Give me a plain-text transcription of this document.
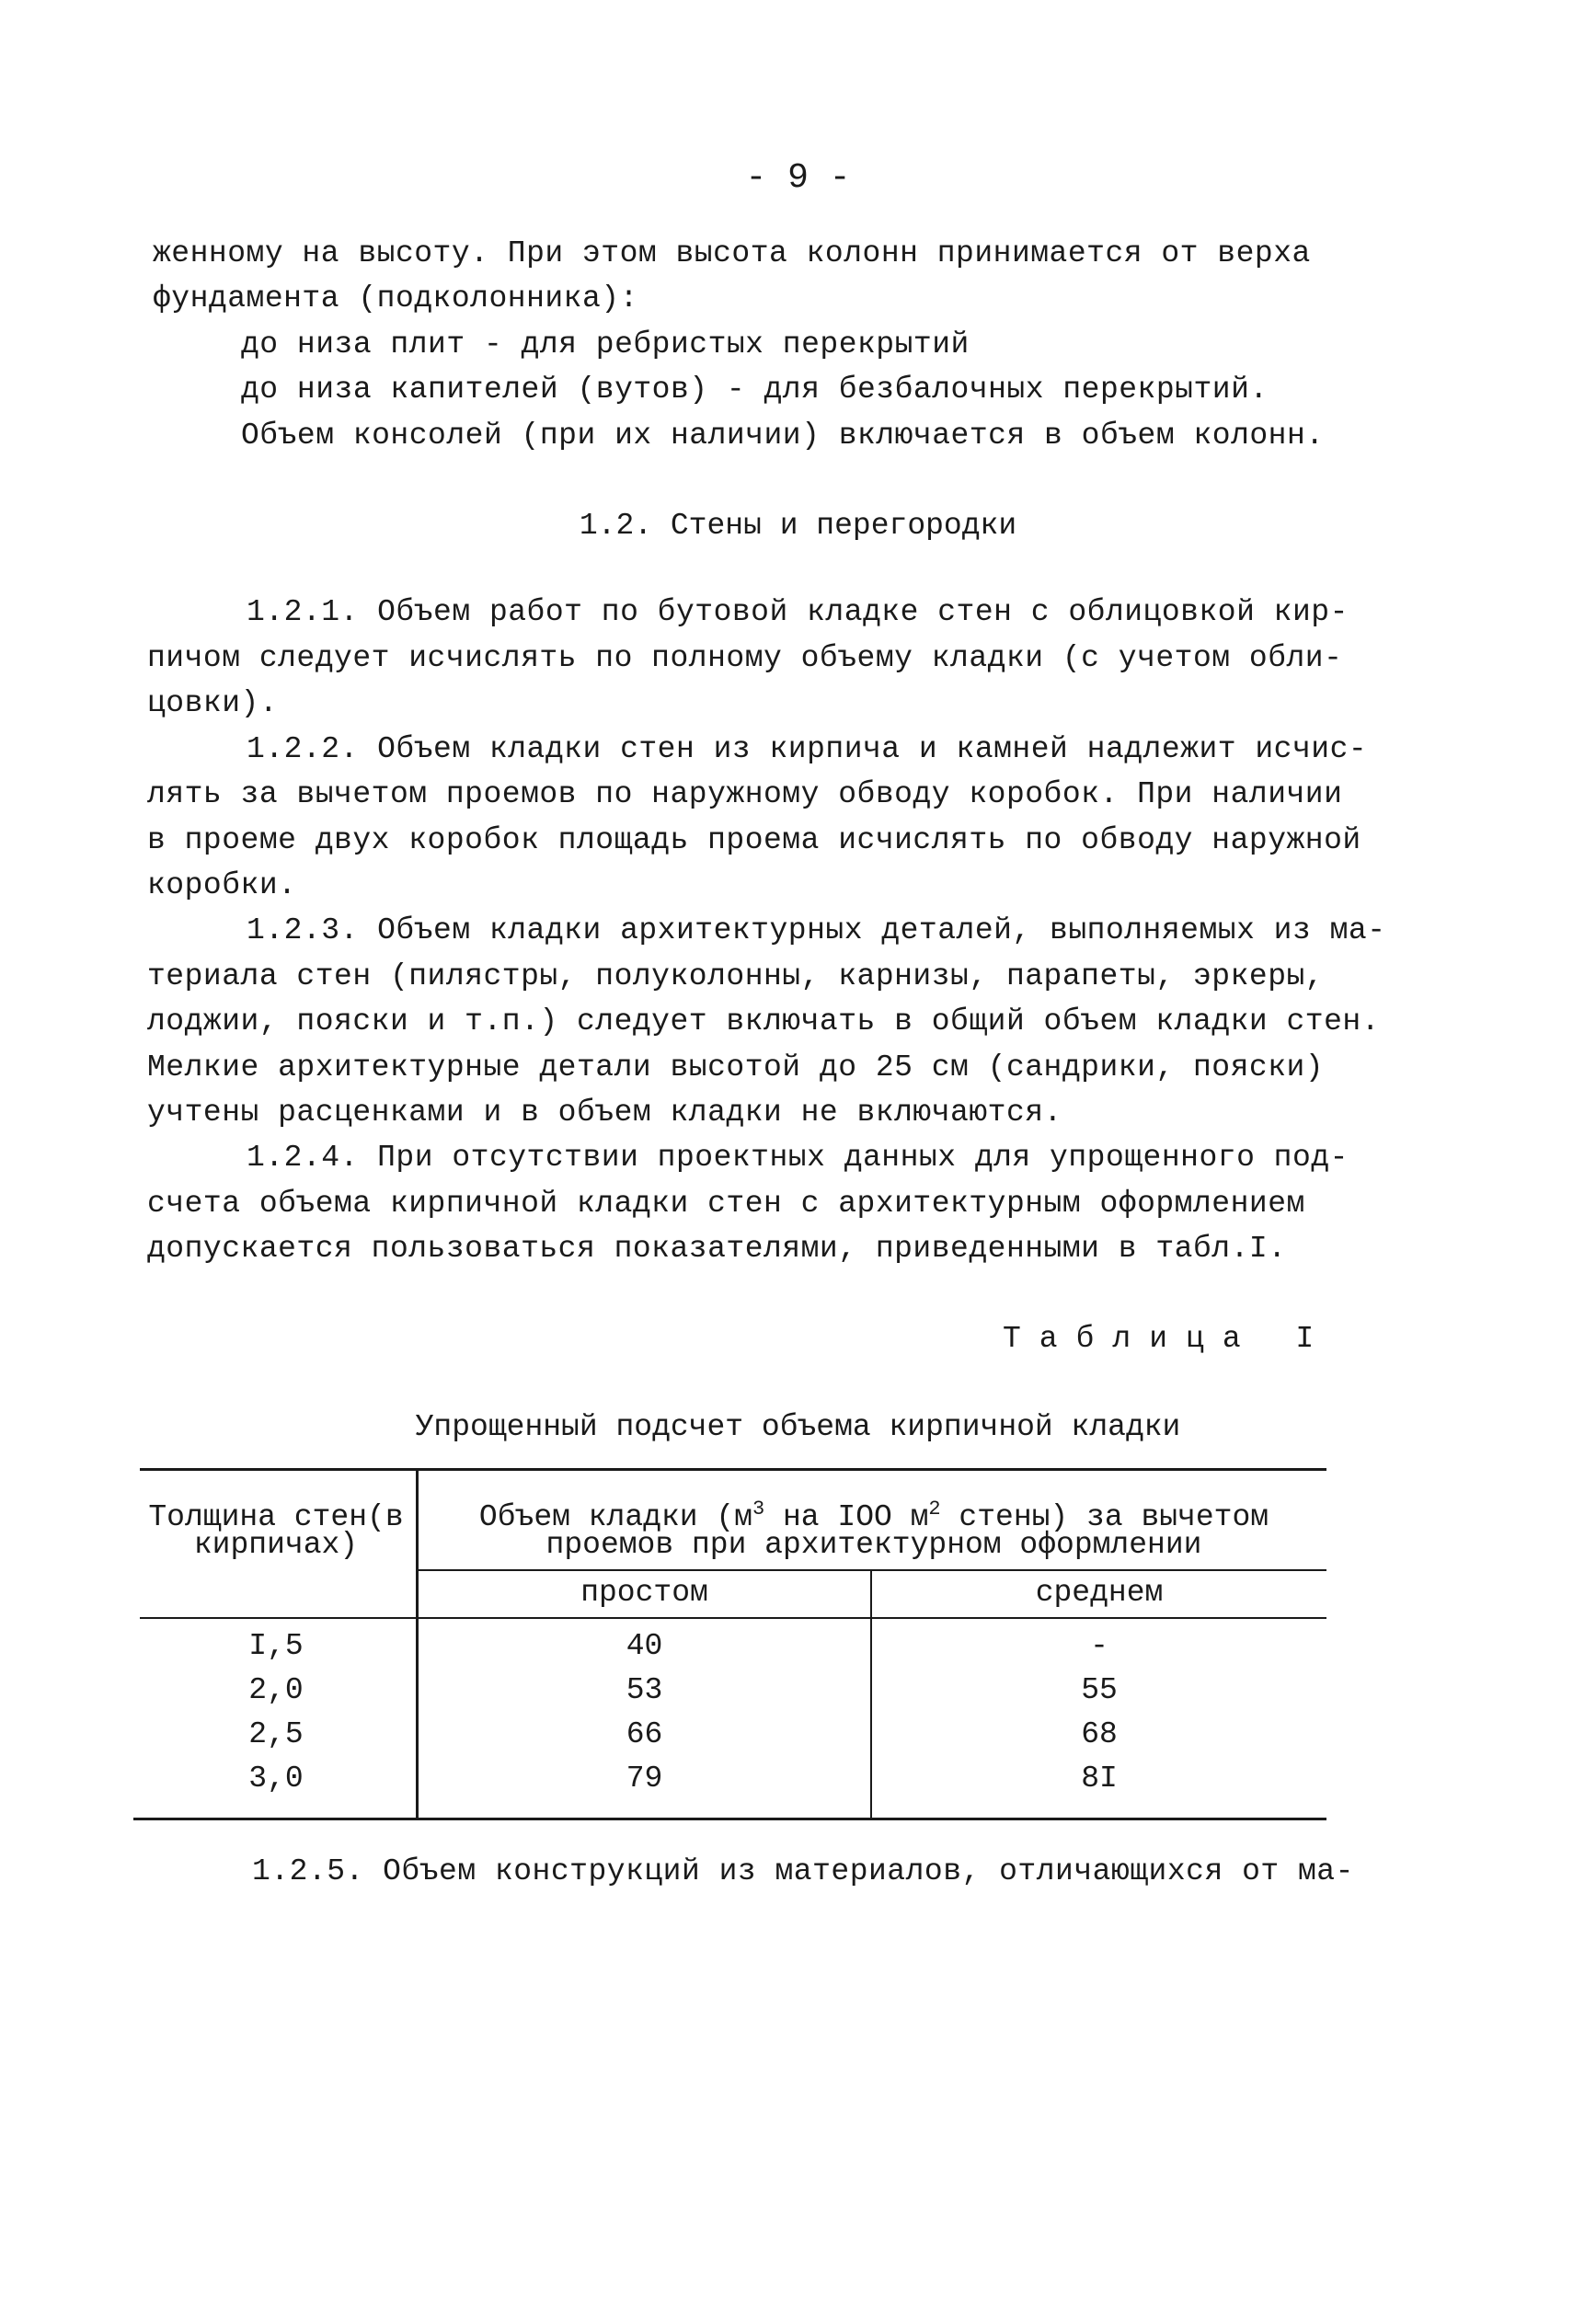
- 9 -
женному на высоту. При этом высота колонн принимается от верха
фундамента (подколонника):
до низа плит - для ребристых перекрытий
до низа капителей (вутов) - для безбалочных перекрытий.
Объем консолей (при их наличии) включается в объем колонн.
1.2. Стены и перегородки
1.2.1. Объем работ по бутовой кладке стен с облицовкой кир-
пичом следует исчислять по полному объему кладки (с учетом обли-
цовки).
1.2.2. Объем кладки стен из кирпича и камней надлежит исчис-
лять за вычетом проемов по наружному обводу коробок. При наличии
в проеме двух коробок площадь проема исчислять по обводу наружной
коробки.
1.2.3. Объем кладки архитектурных деталей, выполняемых из ма-
териала стен (пилястры, полуколонны, карнизы, парапеты, эркеры,
лоджии, пояски и т.п.) следует включать в общий объем кладки стен.
Мелкие архитектурные детали высотой до 25 см (сандрики, пояски)
учтены расценками и в объем кладки не включаются.
1.2.4. При отсутствии проектных данных для упрощенного под-
счета объема кирпичной кладки стен с архитектурным оформлением
допускается пользоваться показателями, приведенными в табл.I.
Таблица I
Упрощенный подсчет объема кирпичной кладки
Толщина стен(в
кирпичах)
Объем кладки ($м^3$ на IOO $м^2$ стены) за вычетом
проемов при архитектурном оформлении
простом	среднем
I,5	40	-
2,0	53	55
2,5	66	68
3,0	79	8I
1.2.5. Объем конструкций из материалов, отличающихся от ма-
